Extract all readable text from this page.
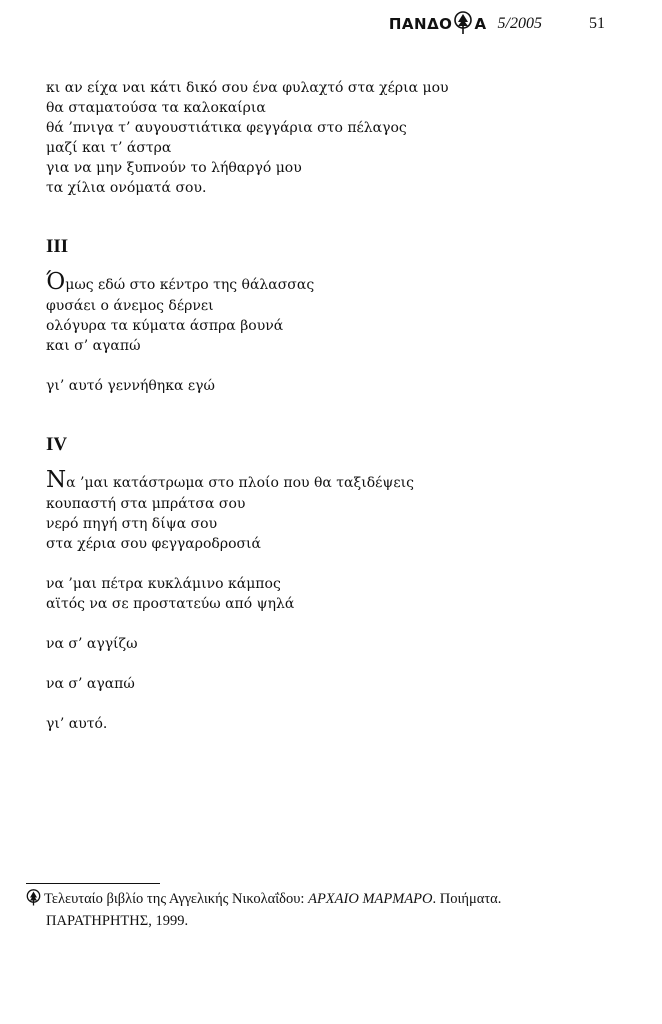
ΠΑΝΔΟ Α 5/2005	51
κι αν είχα ναι κάτι δικό σου ένα φυλαχτό στα χέρια μου
θα σταματούσα τα καλοκαίρια
θά ’πνιγα τ’ αυγουστιάτικα φεγγάρια στο πέλαγος
μαζί και τ’ άστρα
για να μην ξυπνούν το λήθαργό μου
τα χίλια ονόματά σου.
III
Όμως εδώ στο κέντρο της θάλασσας
φυσάει ο άνεμος δέρνει
ολόγυρα τα κύματα άσπρα βουνά
και σ’ αγαπώ
γι’ αυτό γεννήθηκα εγώ
IV
Να ’μαι κατάστρωμα στο πλοίο που θα ταξιδέψεις
κουπαστή στα μπράτσα σου
νερό πηγή στη δίψα σου
στα χέρια σου φεγγαροδροσιά
να ’μαι πέτρα κυκλάμινο κάμπος
αϊτός να σε προστατεύω από ψηλά
να σ’ αγγίζω
να σ’ αγαπώ
γι’ αυτό.
Τελευταίο βιβλίο της Αγγελικής Νικολαΐδου: ΑΡΧΑΙΟ ΜΑΡΜΑΡΟ. Ποιήματα.
ΠΑΡΑΤΗΡΗΤΗΣ, 1999.
